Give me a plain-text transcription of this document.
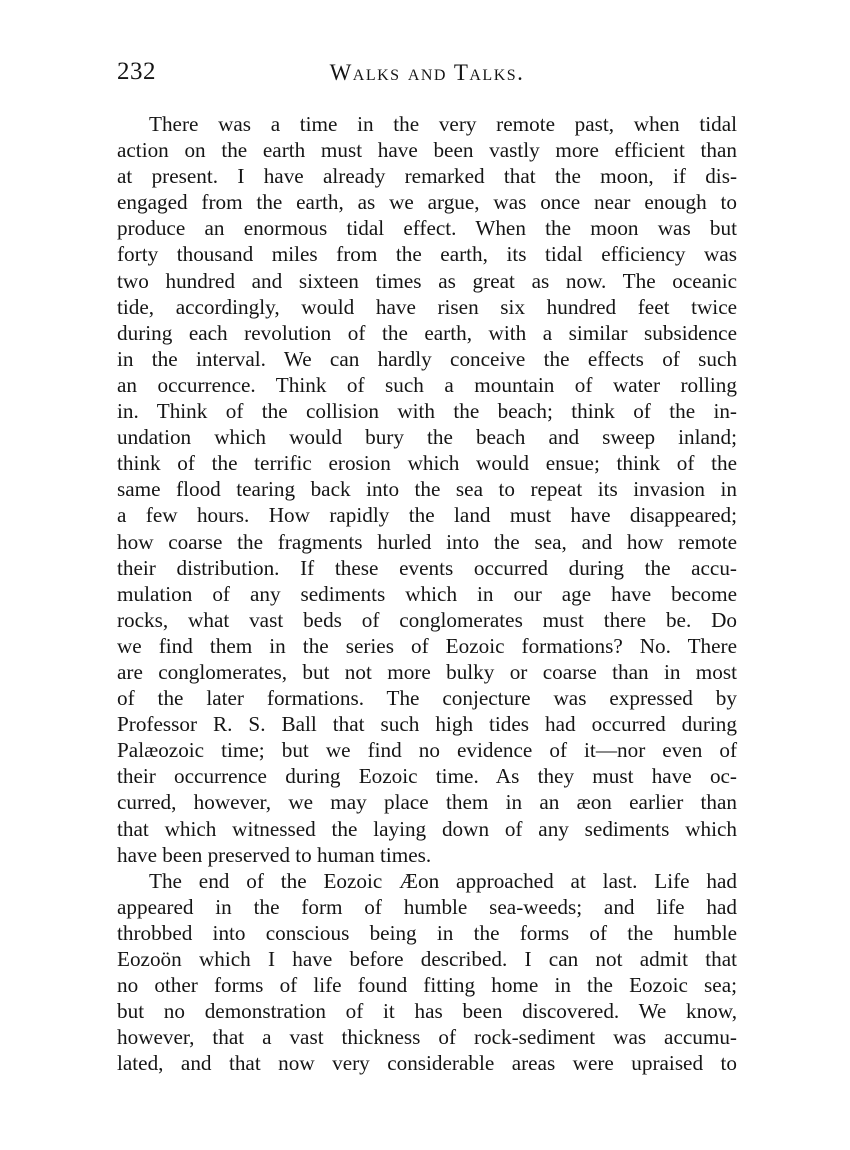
232	Walks and Talks.

There was a time in the very remote past, when tidal
action on the earth must have been vastly more efficient than
at present. I have already remarked that the moon, if dis-
engaged from the earth, as we argue, was once near enough to
produce an enormous tidal effect. When the moon was but
forty thousand miles from the earth, its tidal efficiency was
two hundred and sixteen times as great as now. The oceanic
tide, accordingly, would have risen six hundred feet twice
during each revolution of the earth, with a similar subsidence
in the interval. We can hardly conceive the effects of such
an occurrence. Think of such a mountain of water rolling
in. Think of the collision with the beach; think of the in-
undation which would bury the beach and sweep inland;
think of the terrific erosion which would ensue; think of the
same flood tearing back into the sea to repeat its invasion in
a few hours. How rapidly the land must have disappeared;
how coarse the fragments hurled into the sea, and how remote
their distribution. If these events occurred during the accu-
mulation of any sediments which in our age have become
rocks, what vast beds of conglomerates must there be. Do
we find them in the series of Eozoic formations? No. There
are conglomerates, but not more bulky or coarse than in most
of the later formations. The conjecture was expressed by
Professor R. S. Ball that such high tides had occurred during
Palæozoic time; but we find no evidence of it—nor even of
their occurrence during Eozoic time. As they must have oc-
curred, however, we may place them in an æon earlier than
that which witnessed the laying down of any sediments which
have been preserved to human times.

The end of the Eozoic Æon approached at last. Life had
appeared in the form of humble sea-weeds; and life had
throbbed into conscious being in the forms of the humble
Eozoön which I have before described. I can not admit that
no other forms of life found fitting home in the Eozoic sea;
but no demonstration of it has been discovered. We know,
however, that a vast thickness of rock-sediment was accumu-
lated, and that now very considerable areas were upraised to
